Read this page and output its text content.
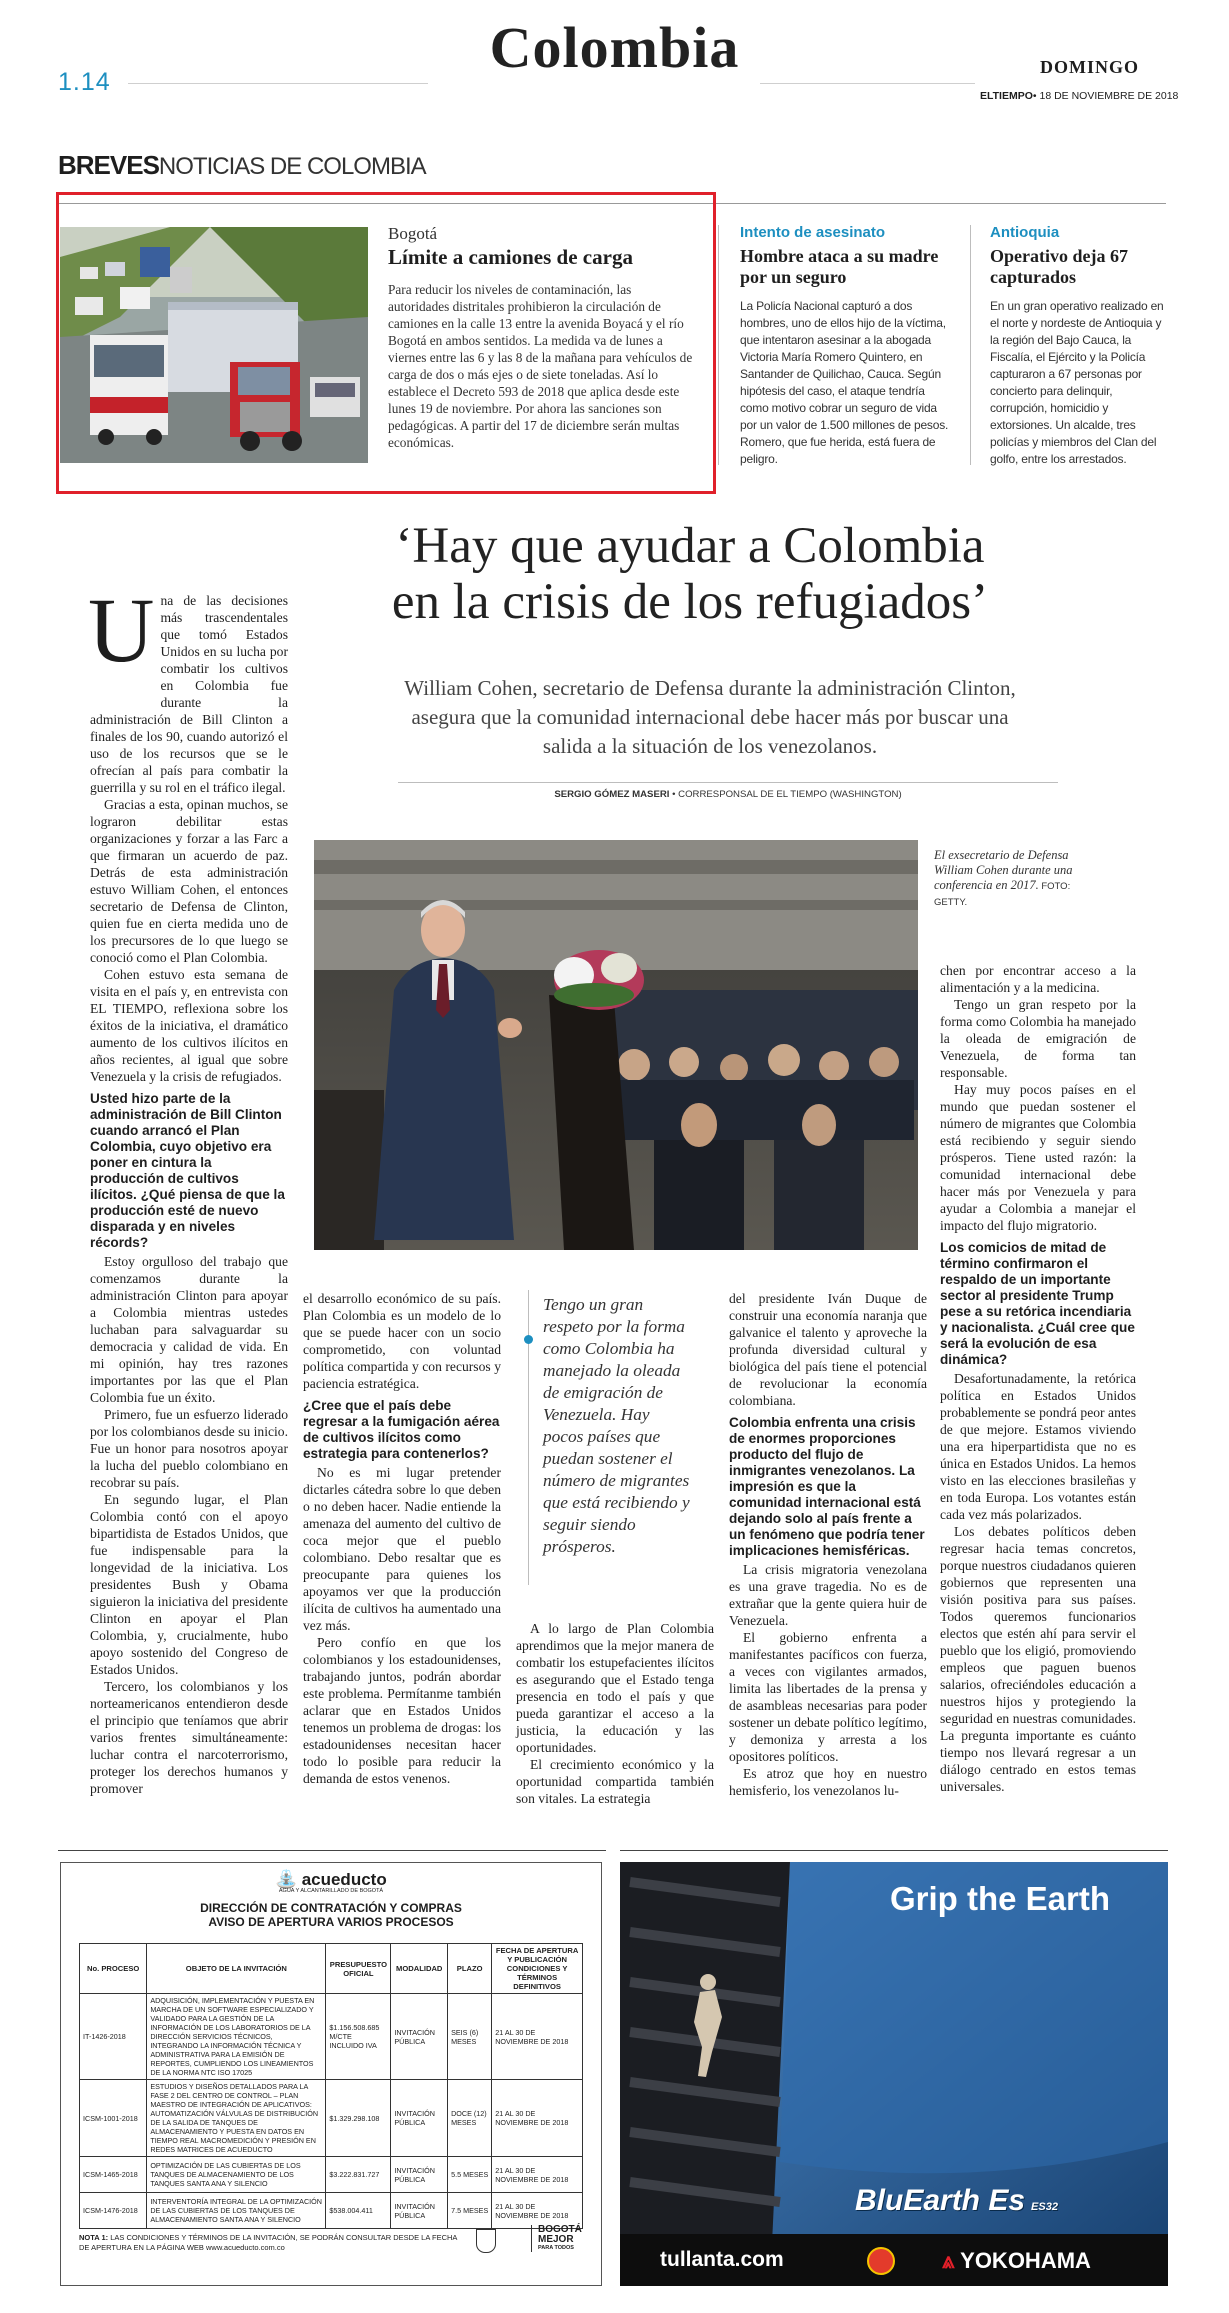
1.14
Colombia	DOMINGO
ELTIEMPO• 18 DE NOVIEMBRE DE 2018
BREVESNOTICIAS DE COLOMBIA
Bogotá
Límite a camiones de carga
Para reducir los niveles de contaminación, las autoridades distritales prohibieron la circulación de camiones en la calle 13 entre la avenida Boyacá y el río Bogotá en ambos sentidos. La medida va de lunes a viernes entre las 6 y las 8 de la mañana para vehículos de carga de dos o más ejes o de siete toneladas. Así lo establece el Decreto 593 de 2018 que aplica desde este lunes 19 de noviembre. Por ahora las sanciones son pedagógicas. A partir del 17 de diciembre serán multas económicas.
Intento de asesinato
Hombre ataca a su madre por un seguro
La Policía Nacional capturó a dos hombres, uno de ellos hijo de la víctima, que intentaron asesinar a la abogada Victoria María Romero Quintero, en Santander de Quilichao, Cauca. Según hipótesis del caso, el ataque tendría como motivo cobrar un seguro de vida por un valor de 1.500 millones de pesos. Romero, que fue herida, está fuera de peligro.
Antioquia
Operativo deja 67 capturados
En un gran operativo realizado en el norte y nordeste de Antioquia y la región del Bajo Cauca, la Fiscalía, el Ejército y la Policía capturaron a 67 personas por concierto para delinquir, corrupción, homicidio y extorsiones. Un alcalde, tres policías y miembros del Clan del golfo, entre los arrestados.
‘Hay que ayudar a Colombia
en la crisis de los refugiados’
William Cohen, secretario de Defensa durante la administración Clinton, asegura que la comunidad internacional debe hacer más por buscar una salida a la situación de los venezolanos.
SERGIO GÓMEZ MASERI • CORRESPONSAL DE EL TIEMPO (WASHINGTON)
U na de las decisiones más trascendentales que tomó Estados Unidos en su lucha por combatir los cultivos en Colombia fue durante la administración de Bill Clinton a finales de los 90, cuando autorizó el uso de los recursos que se le ofrecían al país para combatir la guerrilla y su rol en el tráfico ilegal.

Gracias a esta, opinan muchos, se lograron debilitar estas organizaciones y forzar a las Farc a que firmaran un acuerdo de paz. Detrás de esta administración estuvo William Cohen, el entonces secretario de Defensa de Clinton, quien fue en cierta medida uno de los precursores de lo que luego se conoció como el Plan Colombia.

Cohen estuvo esta semana de visita en el país y, en entrevista con EL TIEMPO, reflexiona sobre los éxitos de la iniciativa, el dramático aumento de los cultivos ilícitos en años recientes, al igual que sobre Venezuela y la crisis de refugiados.

Usted hizo parte de la administración de Bill Clinton cuando arrancó el Plan Colombia, cuyo objetivo era poner en cintura la producción de cultivos ilícitos. ¿Qué piensa de que la producción esté de nuevo disparada y en niveles récords?

Estoy orgulloso del trabajo que comenzamos durante la administración Clinton para apoyar a Colombia mientras ustedes luchaban para salvaguardar su democracia y calidad de vida. En mi opinión, hay tres razones importantes por las que el Plan Colombia fue un éxito.

Primero, fue un esfuerzo liderado por los colombianos desde su inicio. Fue un honor para nosotros apoyar la lucha del pueblo colombiano en recobrar su país.

En segundo lugar, el Plan Colombia contó con el apoyo bipartidista de Estados Unidos, que fue indispensable para la longevidad de la iniciativa. Los presidentes Bush y Obama siguieron la iniciativa del presidente Clinton en apoyar el Plan Colombia, y, crucialmente, hubo apoyo sostenido del Congreso de Estados Unidos.

Tercero, los colombianos y los norteamericanos entendieron desde el principio que teníamos que abrir varios frentes simultáneamente: luchar contra el narcoterrorismo, proteger los derechos humanos y promover

El exsecretario de Defensa William Cohen durante una conferencia en 2017. FOTO: GETTY.

el desarrollo económico de su país. Plan Colombia es un modelo de lo que se puede hacer con un socio comprometido, con voluntad política compartida y con recursos y paciencia estratégica.

¿Cree que el país debe regresar a la fumigación aérea de cultivos ilícitos como estrategia para contenerlos?

No es mi lugar pretender dictarles cátedra sobre lo que deben o no deben hacer. Nadie entiende la amenaza del aumento del cultivo de coca mejor que el pueblo colombiano. Debo resaltar que es preocupante para quienes los apoyamos ver que la producción ilícita de cultivos ha aumentado una vez más.

Pero confío en que los colombianos y los estadounidenses, trabajando juntos, podrán abordar este problema. Permítanme también aclarar que en Estados Unidos tenemos un problema de drogas: los estadounidenses necesitan hacer todo lo posible para reducir la demanda de estos venenos.

Tengo un gran respeto por la forma como Colombia ha manejado la oleada de emigración de Venezuela. Hay pocos países que puedan sostener el número de migrantes que está recibiendo y seguir siendo prósperos.

A lo largo de Plan Colombia aprendimos que la mejor manera de combatir los estupefacientes ilícitos es asegurando que el Estado tenga presencia en todo el país y que pueda garantizar el acceso a la justicia, la educación y las oportunidades.

El crecimiento económico y la oportunidad compartida también son vitales. La estrategia

del presidente Iván Duque de construir una economía naranja que galvanice el talento y aproveche la profunda diversidad cultural y biológica del país tiene el potencial de revolucionar la economía colombiana.

Colombia enfrenta una crisis de enormes proporciones producto del flujo de inmigrantes venezolanos. La impresión es que la comunidad internacional está dejando solo al país frente a un fenómeno que podría tener implicaciones hemisféricas.

La crisis migratoria venezolana es una grave tragedia. No es de extrañar que la gente quiera huir de Venezuela.

El gobierno enfrenta a manifestantes pacíficos con fuerza, a veces con vigilantes armados, limita las libertades de la prensa y de asambleas necesarias para poder sostener un debate político legítimo, y demoniza y arresta a los opositores políticos.

Es atroz que hoy en nuestro hemisferio, los venezolanos lu-

chen por encontrar acceso a la alimentación y a la medicina.

Tengo un gran respeto por la forma como Colombia ha manejado la oleada de emigración de Venezuela, de forma tan responsable.

Hay muy pocos países en el mundo que puedan sostener el número de migrantes que Colombia está recibiendo y seguir siendo prósperos. Tiene usted razón: la comunidad internacional debe hacer más por Venezuela y para ayudar a Colombia a manejar el impacto del flujo migratorio.

Los comicios de mitad de término confirmaron el respaldo de un importante sector al presidente Trump pese a su retórica incendiaria y nacionalista. ¿Cuál cree que será la evolución de esa dinámica?

Desafortunadamente, la retórica política en Estados Unidos probablemente se pondrá peor antes de que mejore. Estamos viviendo una era hiperpartidista que no es única en Estados Unidos. La hemos visto en las elecciones brasileñas y en toda Europa. Los votantes están cada vez más polarizados.

Los debates políticos deben regresar hacia temas concretos, porque nuestros ciudadanos quieren gobiernos que representen una visión positiva para sus países. Todos queremos funcionarios electos que estén ahí para servir el pueblo que los eligió, promoviendo empleos que paguen buenos salarios, ofreciéndoles educación a nuestros hijos y protegiendo la seguridad en nuestras comunidades. La pregunta importante es cuánto tiempo nos llevará regresar a un diálogo centrado en estos temas universales.

⛲ acueducto
AGUA Y ALCANTARILLADO DE BOGOTÁ
DIRECCIÓN DE CONTRATACIÓN Y COMPRAS
AVISO DE APERTURA VARIOS PROCESOS
No. PROCESO	OBJETO DE LA INVITACIÓN	PRESUPUESTO OFICIAL	MODALIDAD	PLAZO	FECHA DE APERTURA Y PUBLICACIÓN CONDICIONES Y TÉRMINOS DEFINITIVOS
IT-1426-2018	ADQUISICIÓN, IMPLEMENTACIÓN Y PUESTA EN MARCHA DE UN SOFTWARE ESPECIALIZADO Y VALIDADO PARA LA GESTIÓN DE LA INFORMACIÓN DE LOS LABORATORIOS DE LA DIRECCIÓN SERVICIOS TÉCNICOS, INTEGRANDO LA INFORMACIÓN TÉCNICA Y ADMINISTRATIVA PARA LA EMISIÓN DE REPORTES, CUMPLIENDO LOS LINEAMIENTOS DE LA NORMA NTC ISO 17025	$1.156.508.685 M/CTE INCLUIDO IVA	INVITACIÓN PÚBLICA	SEIS (6) MESES	21 AL 30 DE NOVIEMBRE DE 2018
ICSM-1001-2018	ESTUDIOS Y DISEÑOS DETALLADOS PARA LA FASE 2 DEL CENTRO DE CONTROL – PLAN MAESTRO DE INTEGRACIÓN DE APLICATIVOS: AUTOMATIZACIÓN VÁLVULAS DE DISTRIBUCIÓN DE LA SALIDA DE TANQUES DE ALMACENAMIENTO Y PUESTA EN DATOS EN TIEMPO REAL MACROMEDICIÓN Y PRESIÓN EN REDES MATRICES DE ACUEDUCTO	$1.329.298.108	INVITACIÓN PÚBLICA	DOCE (12) MESES	21 AL 30 DE NOVIEMBRE DE 2018
ICSM-1465-2018	OPTIMIZACIÓN DE LAS CUBIERTAS DE LOS TANQUES DE ALMACENAMIENTO DE LOS TANQUES SANTA ANA Y SILENCIO	$3.222.831.727	INVITACIÓN PÚBLICA	5.5 MESES	21 AL 30 DE NOVIEMBRE DE 2018
ICSM-1476-2018	INTERVENTORÍA INTEGRAL DE LA OPTIMIZACIÓN DE LAS CUBIERTAS DE LOS TANQUES DE ALMACENAMIENTO SANTA ANA Y SILENCIO	$538.004.411	INVITACIÓN PÚBLICA	7.5 MESES	21 AL 30 DE NOVIEMBRE DE 2018
NOTA 1: LAS CONDICIONES Y TÉRMINOS DE LA INVITACIÓN, SE PODRÁN CONSULTAR DESDE LA FECHA DE APERTURA EN LA PÁGINA WEB www.acueducto.com.co
BOGOTÁ
MEJOR
PARA TODOS
Grip the Earth
BluEarth Es ES32
tullanta.com	⩓ YOKOHAMA
